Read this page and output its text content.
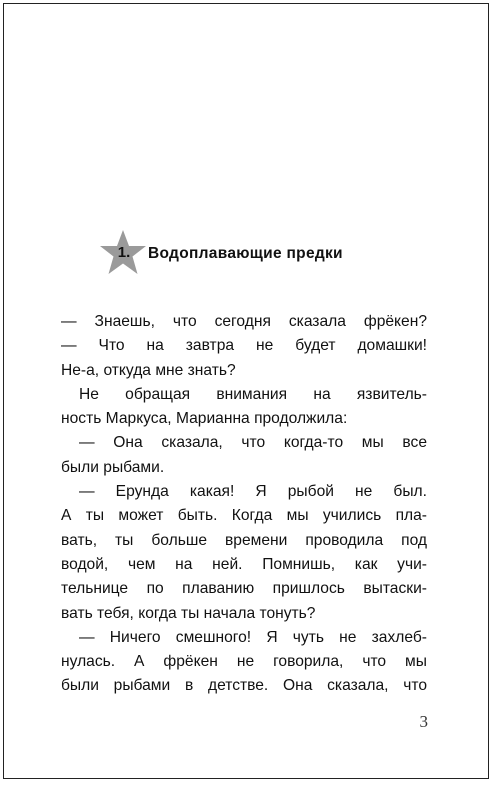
1.	Водоплавающие предки
— Знаешь, что сегодня сказала фрёкен?
— Что на завтра не будет домашки!
Не-а, откуда мне знать?
Не обращая внимания на язвитель-
ность Маркуса, Марианна продолжила:
— Она сказала, что когда-то мы все
были рыбами.
— Ерунда какая! Я рыбой не был.
А ты может быть. Когда мы учились пла-
вать, ты больше времени проводила под
водой, чем на ней. Помнишь, как учи-
тельнице по плаванию пришлось вытаски-
вать тебя, когда ты начала тонуть?
— Ничего смешного! Я чуть не захлеб-
нулась. А фрёкен не говорила, что мы
были рыбами в детстве. Она сказала, что
3
